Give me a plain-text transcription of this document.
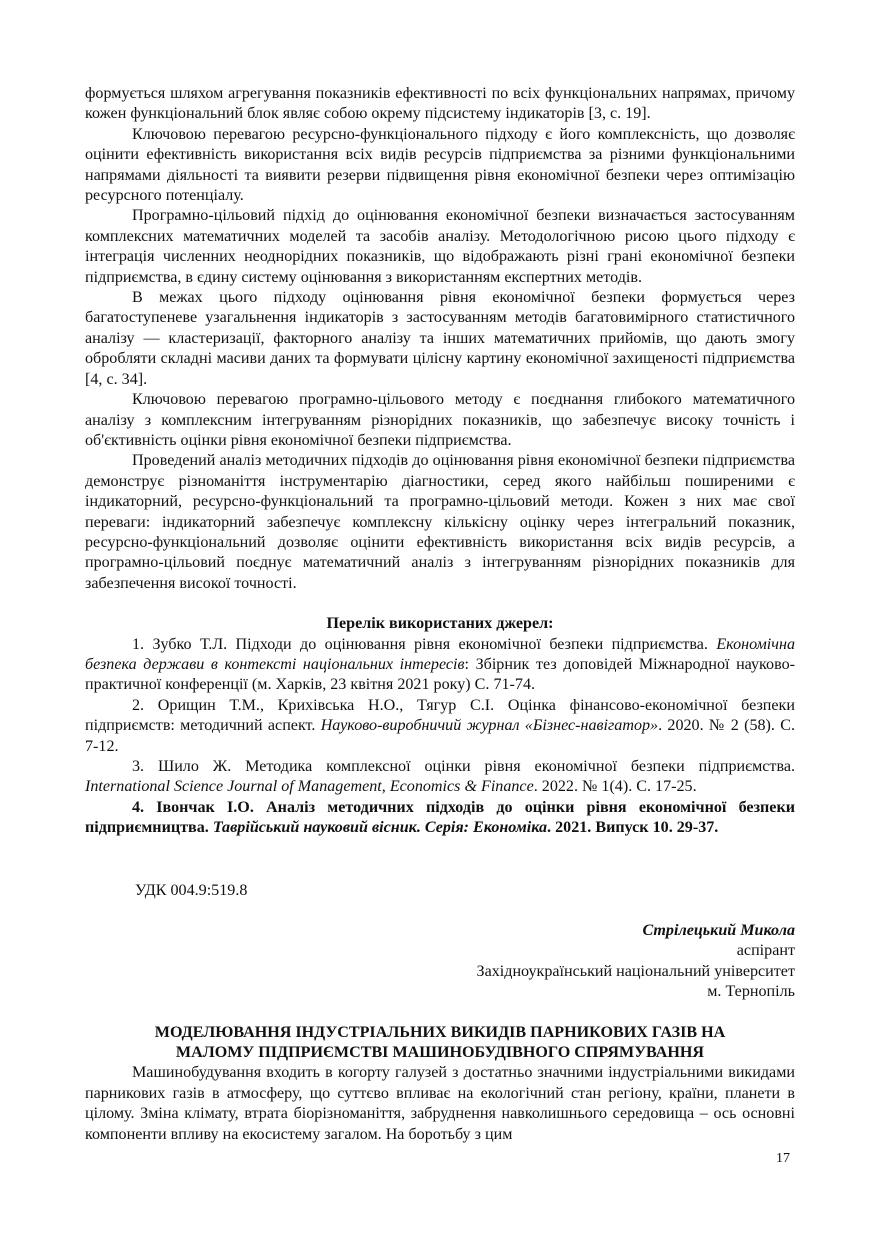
формується шляхом агрегування показників ефективності по всіх функціональних напрямах, причому кожен функціональний блок являє собою окрему підсистему індикаторів [3, с. 19].

Ключовою перевагою ресурсно-функціонального підходу є його комплексність, що дозволяє оцінити ефективність використання всіх видів ресурсів підприємства за різними функціональними напрямами діяльності та виявити резерви підвищення рівня економічної безпеки через оптимізацію ресурсного потенціалу.

Програмно-цільовий підхід до оцінювання економічної безпеки визначається застосуванням комплексних математичних моделей та засобів аналізу. Методологічною рисою цього підходу є інтеграція численних неоднорідних показників, що відображають різні грані економічної безпеки підприємства, в єдину систему оцінювання з використанням експертних методів.

В межах цього підходу оцінювання рівня економічної безпеки формується через багатоступеневе узагальнення індикаторів з застосуванням методів багатовимірного статистичного аналізу — кластеризації, факторного аналізу та інших математичних прийомів, що дають змогу обробляти складні масиви даних та формувати цілісну картину економічної захищеності підприємства [4, с. 34].

Ключовою перевагою програмно-цільового методу є поєднання глибокого математичного аналізу з комплексним інтегруванням різнорідних показників, що забезпечує високу точність і об'єктивність оцінки рівня економічної безпеки підприємства.

Проведений аналіз методичних підходів до оцінювання рівня економічної безпеки підприємства демонструє різноманіття інструментарію діагностики, серед якого найбільш поширеними є індикаторний, ресурсно-функціональний та програмно-цільовий методи. Кожен з них має свої переваги: індикаторний забезпечує комплексну кількісну оцінку через інтегральний показник, ресурсно-функціональний дозволяє оцінити ефективність використання всіх видів ресурсів, а програмно-цільовий поєднує математичний аналіз з інтегруванням різнорідних показників для забезпечення високої точності.

Перелік використаних джерел:

1. Зубко Т.Л. Підходи до оцінювання рівня економічної безпеки підприємства. Економічна безпека держави в контексті національних інтересів: Збірник тез доповідей Міжнародної науково-практичної конференції (м. Харків, 23 квітня 2021 року) С. 71-74.

2. Орищин Т.М., Крихівська Н.О., Тягур С.І. Оцінка фінансово-економічної безпеки підприємств: методичний аспект. Науково-виробничий журнал «Бізнес-навігатор». 2020. № 2 (58). С. 7-12.

3. Шило Ж. Методика комплексної оцінки рівня економічної безпеки підприємства. International Science Journal of Management, Economics & Finance. 2022. № 1(4). С. 17-25.

4. Івончак І.О. Аналіз методичних підходів до оцінки рівня економічної безпеки підприємництва. Таврійський науковий вісник. Серія: Економіка. 2021. Випуск 10. 29-37.

УДК 004.9:519.8

Стрілецький Микола
аспірант
Західноукраїнський національний університет
м. Тернопіль
МОДЕЛЮВАННЯ ІНДУСТРІАЛЬНИХ ВИКИДІВ ПАРНИКОВИХ ГАЗІВ НА
МАЛОМУ ПІДПРИЄМСТВІ МАШИНОБУДІВНОГО СПРЯМУВАННЯ

Машинобудування входить в когорту галузей з достатньо значними індустріальними викидами парникових газів в атмосферу, що суттєво впливає на екологічний стан регіону, країни, планети в цілому. Зміна клімату, втрата біорізноманіття, забруднення навколишнього середовища – ось основні компоненти впливу на екосистему загалом. На боротьбу з цим

17
